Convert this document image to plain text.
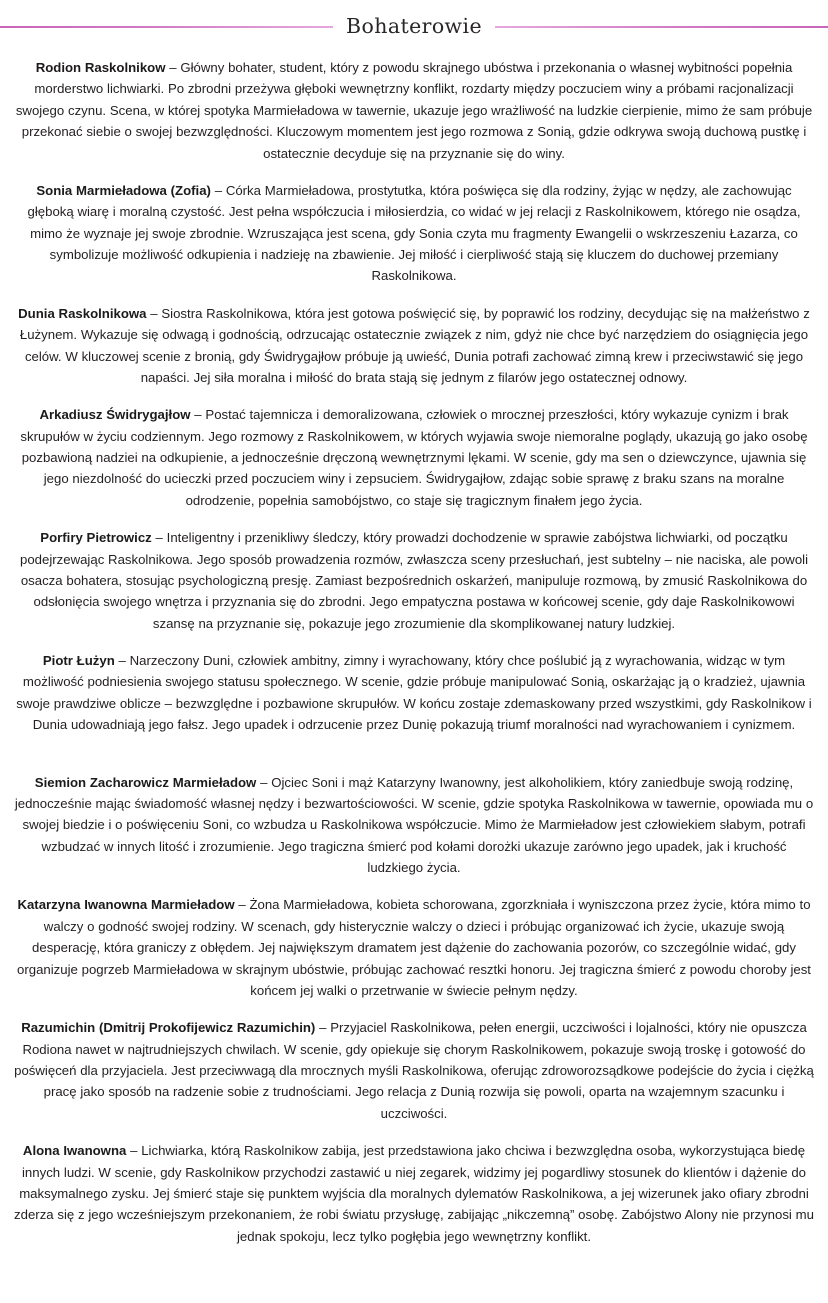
Bohaterowie

Rodion Raskolnikow – Główny bohater, student, który z powodu skrajnego ubóstwa i przekonania o własnej wybitności popełnia morderstwo lichwiarki. Po zbrodni przeżywa głęboki wewnętrzny konflikt, rozdarty między poczuciem winy a próbami racjonalizacji swojego czynu. Scena, w której spotyka Marmieładowa w tawernie, ukazuje jego wrażliwość na ludzkie cierpienie, mimo że sam próbuje przekonać siebie o swojej bezwzględności. Kluczowym momentem jest jego rozmowa z Sonią, gdzie odkrywa swoją duchową pustkę i ostatecznie decyduje się na przyznanie się do winy.

Sonia Marmieładowa (Zofia) – Córka Marmieładowa, prostytutka, która poświęca się dla rodziny, żyjąc w nędzy, ale zachowując głęboką wiarę i moralną czystość. Jest pełna współczucia i miłosierdzia, co widać w jej relacji z Raskolnikowem, którego nie osądza, mimo że wyznaje jej swoje zbrodnie. Wzruszająca jest scena, gdy Sonia czyta mu fragmenty Ewangelii o wskrzeszeniu Łazarza, co symbolizuje możliwość odkupienia i nadzieję na zbawienie. Jej miłość i cierpliwość stają się kluczem do duchowej przemiany Raskolnikowa.

Dunia Raskolnikowa – Siostra Raskolnikowa, która jest gotowa poświęcić się, by poprawić los rodziny, decydując się na małżeństwo z Łużynem. Wykazuje się odwagą i godnością, odrzucając ostatecznie związek z nim, gdyż nie chce być narzędziem do osiągnięcia jego celów. W kluczowej scenie z bronią, gdy Świdrygajłow próbuje ją uwieść, Dunia potrafi zachować zimną krew i przeciwstawić się jego napaści. Jej siła moralna i miłość do brata stają się jednym z filarów jego ostatecznej odnowy.

Arkadiusz Świdrygajłow – Postać tajemnicza i demoralizowana, człowiek o mrocznej przeszłości, który wykazuje cynizm i brak skrupułów w życiu codziennym. Jego rozmowy z Raskolnikowem, w których wyjawia swoje niemoralne poglądy, ukazują go jako osobę pozbawioną nadziei na odkupienie, a jednocześnie dręczoną wewnętrznymi lękami. W scenie, gdy ma sen o dziewczynce, ujawnia się jego niezdolność do ucieczki przed poczuciem winy i zepsuciem. Świdrygajłow, zdając sobie sprawę z braku szans na moralne odrodzenie, popełnia samobójstwo, co staje się tragicznym finałem jego życia.

Porfiry Pietrowicz – Inteligentny i przenikliwy śledczy, który prowadzi dochodzenie w sprawie zabójstwa lichwiarki, od początku podejrzewając Raskolnikowa. Jego sposób prowadzenia rozmów, zwłaszcza sceny przesłuchań, jest subtelny – nie naciska, ale powoli osacza bohatera, stosując psychologiczną presję. Zamiast bezpośrednich oskarżeń, manipuluje rozmową, by zmusić Raskolnikowa do odsłonięcia swojego wnętrza i przyznania się do zbrodni. Jego empatyczna postawa w końcowej scenie, gdy daje Raskolnikowowi szansę na przyznanie się, pokazuje jego zrozumienie dla skomplikowanej natury ludzkiej.

Piotr Łużyn – Narzeczony Duni, człowiek ambitny, zimny i wyrachowany, który chce poślubić ją z wyrachowania, widząc w tym możliwość podniesienia swojego statusu społecznego. W scenie, gdzie próbuje manipulować Sonią, oskarżając ją o kradzież, ujawnia swoje prawdziwe oblicze – bezwzględne i pozbawione skrupułów. W końcu zostaje zdemaskowany przed wszystkimi, gdy Raskolnikow i Dunia udowadniają jego fałsz. Jego upadek i odrzucenie przez Dunię pokazują triumf moralności nad wyrachowaniem i cynizmem.

Siemion Zacharowicz Marmieładow – Ojciec Soni i mąż Katarzyny Iwanowny, jest alkoholikiem, który zaniedbuje swoją rodzinę, jednocześnie mając świadomość własnej nędzy i bezwartościowości. W scenie, gdzie spotyka Raskolnikowa w tawernie, opowiada mu o swojej biedzie i o poświęceniu Soni, co wzbudza u Raskolnikowa współczucie. Mimo że Marmieładow jest człowiekiem słabym, potrafi wzbudzać w innych litość i zrozumienie. Jego tragiczna śmierć pod kołami dorożki ukazuje zarówno jego upadek, jak i kruchość ludzkiego życia.

Katarzyna Iwanowna Marmieładow – Żona Marmieładowa, kobieta schorowana, zgorzkniała i wyniszczona przez życie, która mimo to walczy o godność swojej rodziny. W scenach, gdy histerycznie walczy o dzieci i próbując organizować ich życie, ukazuje swoją desperację, która graniczy z obłędem. Jej największym dramatem jest dążenie do zachowania pozorów, co szczególnie widać, gdy organizuje pogrzeb Marmieładowa w skrajnym ubóstwie, próbując zachować resztki honoru. Jej tragiczna śmierć z powodu choroby jest końcem jej walki o przetrwanie w świecie pełnym nędzy.

Razumichin (Dmitrij Prokofijewicz Razumichin) – Przyjaciel Raskolnikowa, pełen energii, uczciwości i lojalności, który nie opuszcza Rodiona nawet w najtrudniejszych chwilach. W scenie, gdy opiekuje się chorym Raskolnikowem, pokazuje swoją troskę i gotowość do poświęceń dla przyjaciela. Jest przeciwwagą dla mrocznych myśli Raskolnikowa, oferując zdroworozsądkowe podejście do życia i ciężką pracę jako sposób na radzenie sobie z trudnościami. Jego relacja z Dunią rozwija się powoli, oparta na wzajemnym szacunku i uczciwości.

Alona Iwanowna – Lichwiarka, którą Raskolnikow zabija, jest przedstawiona jako chciwa i bezwzględna osoba, wykorzystująca biedę innych ludzi. W scenie, gdy Raskolnikow przychodzi zastawić u niej zegarek, widzimy jej pogardliwy stosunek do klientów i dążenie do maksymalnego zysku. Jej śmierć staje się punktem wyjścia dla moralnych dylematów Raskolnikowa, a jej wizerunek jako ofiary zbrodni zderza się z jego wcześniejszym przekonaniem, że robi światu przysługę, zabijając „nikczemną” osobę. Zabójstwo Alony nie przynosi mu jednak spokoju, lecz tylko pogłębia jego wewnętrzny konflikt.
